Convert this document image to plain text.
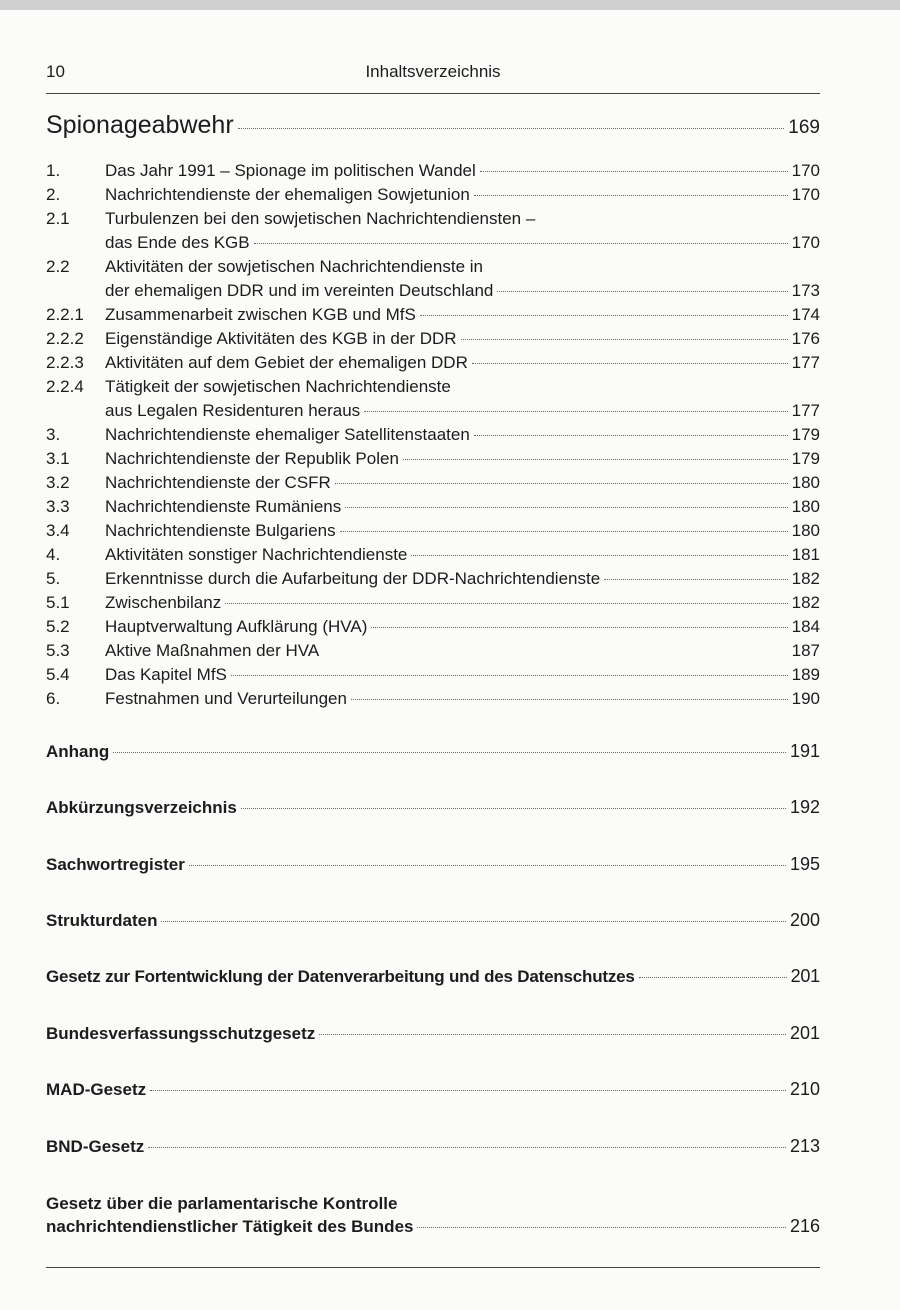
10	Inhaltsverzeichnis
Spionageabwehr	169
1.	Das Jahr 1991 – Spionage im politischen Wandel	170
2.	Nachrichtendienste der ehemaligen Sowjetunion	170
2.1	Turbulenzen bei den sowjetischen Nachrichtendiensten –
das Ende des KGB	170
2.2	Aktivitäten der sowjetischen Nachrichtendienste in
der ehemaligen DDR und im vereinten Deutschland	173
2.2.1	Zusammenarbeit zwischen KGB und MfS	174
2.2.2	Eigenständige Aktivitäten des KGB in der DDR	176
2.2.3	Aktivitäten auf dem Gebiet der ehemaligen DDR	177
2.2.4	Tätigkeit der sowjetischen Nachrichtendienste
aus Legalen Residenturen heraus	177
3.	Nachrichtendienste ehemaliger Satellitenstaaten	179
3.1	Nachrichtendienste der Republik Polen	179
3.2	Nachrichtendienste der CSFR	180
3.3	Nachrichtendienste Rumäniens	180
3.4	Nachrichtendienste Bulgariens	180
4.	Aktivitäten sonstiger Nachrichtendienste	181
5.	Erkenntnisse durch die Aufarbeitung der DDR-Nachrichtendienste	182
5.1	Zwischenbilanz	182
5.2	Hauptverwaltung Aufklärung (HVA)	184
5.3	Aktive Maßnahmen der HVA	187
5.4	Das Kapitel MfS	189
6.	Festnahmen und Verurteilungen	190
Anhang	191
Abkürzungsverzeichnis	192
Sachwortregister	195
Strukturdaten	200
Gesetz zur Fortentwicklung der Datenverarbeitung und des Datenschutzes	201
Bundesverfassungsschutzgesetz	201
MAD-Gesetz	210
BND-Gesetz	213
Gesetz über die parlamentarische Kontrolle
nachrichtendienstlicher Tätigkeit des Bundes	216
